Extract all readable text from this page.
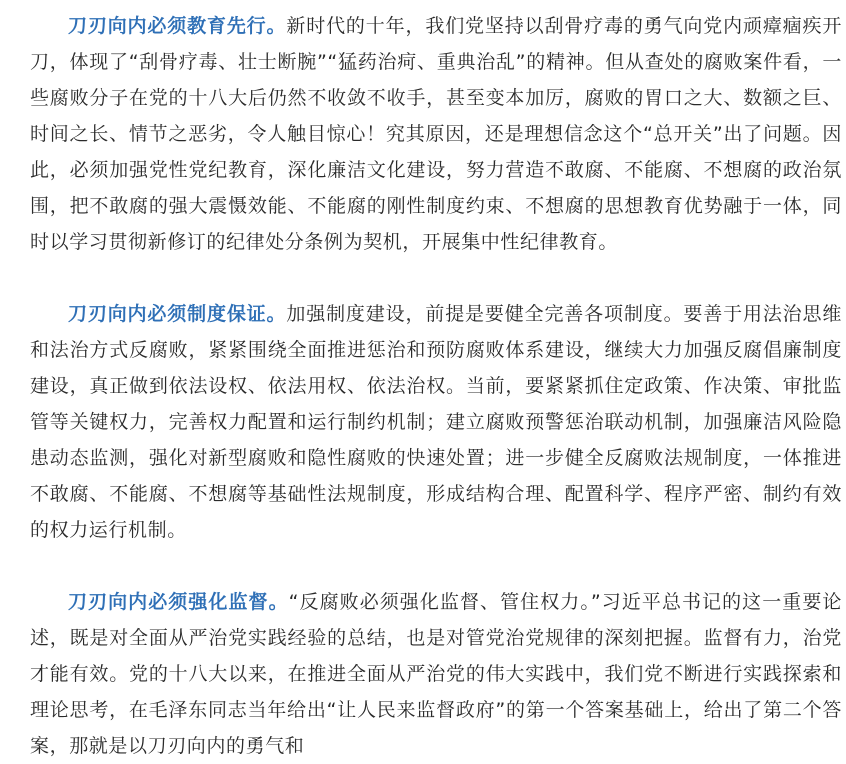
刀刃向内必须教育先行。新时代的十年，我们党坚持以刮骨疗毒的勇气向党内顽瘴痼疾开刀，体现了“刮骨疗毒、壮士断腕”“猛药治疴、重典治乱”的精神。但从查处的腐败案件看，一些腐败分子在党的十八大后仍然不收敛不收手，甚至变本加厉，腐败的胃口之大、数额之巨、时间之长、情节之恶劣，令人触目惊心！究其原因，还是理想信念这个“总开关”出了问题。因此，必须加强党性党纪教育，深化廉洁文化建设，努力营造不敢腐、不能腐、不想腐的政治氛围，把不敢腐的强大震慑效能、不能腐的刚性制度约束、不想腐的思想教育优势融于一体，同时以学习贯彻新修订的纪律处分条例为契机，开展集中性纪律教育。

刀刃向内必须制度保证。加强制度建设，前提是要健全完善各项制度。要善于用法治思维和法治方式反腐败，紧紧围绕全面推进惩治和预防腐败体系建设，继续大力加强反腐倡廉制度建设，真正做到依法设权、依法用权、依法治权。当前，要紧紧抓住定政策、作决策、审批监管等关键权力，完善权力配置和运行制约机制；建立腐败预警惩治联动机制，加强廉洁风险隐患动态监测，强化对新型腐败和隐性腐败的快速处置；进一步健全反腐败法规制度，一体推进不敢腐、不能腐、不想腐等基础性法规制度，形成结构合理、配置科学、程序严密、制约有效的权力运行机制。

刀刃向内必须强化监督。“反腐败必须强化监督、管住权力。”习近平总书记的这一重要论述，既是对全面从严治党实践经验的总结，也是对管党治党规律的深刻把握。监督有力，治党才能有效。党的十八大以来，在推进全面从严治党的伟大实践中，我们党不断进行实践探索和理论思考，在毛泽东同志当年给出“让人民来监督政府”的第一个答案基础上，给出了第二个答案，那就是以刀刃向内的勇气和
